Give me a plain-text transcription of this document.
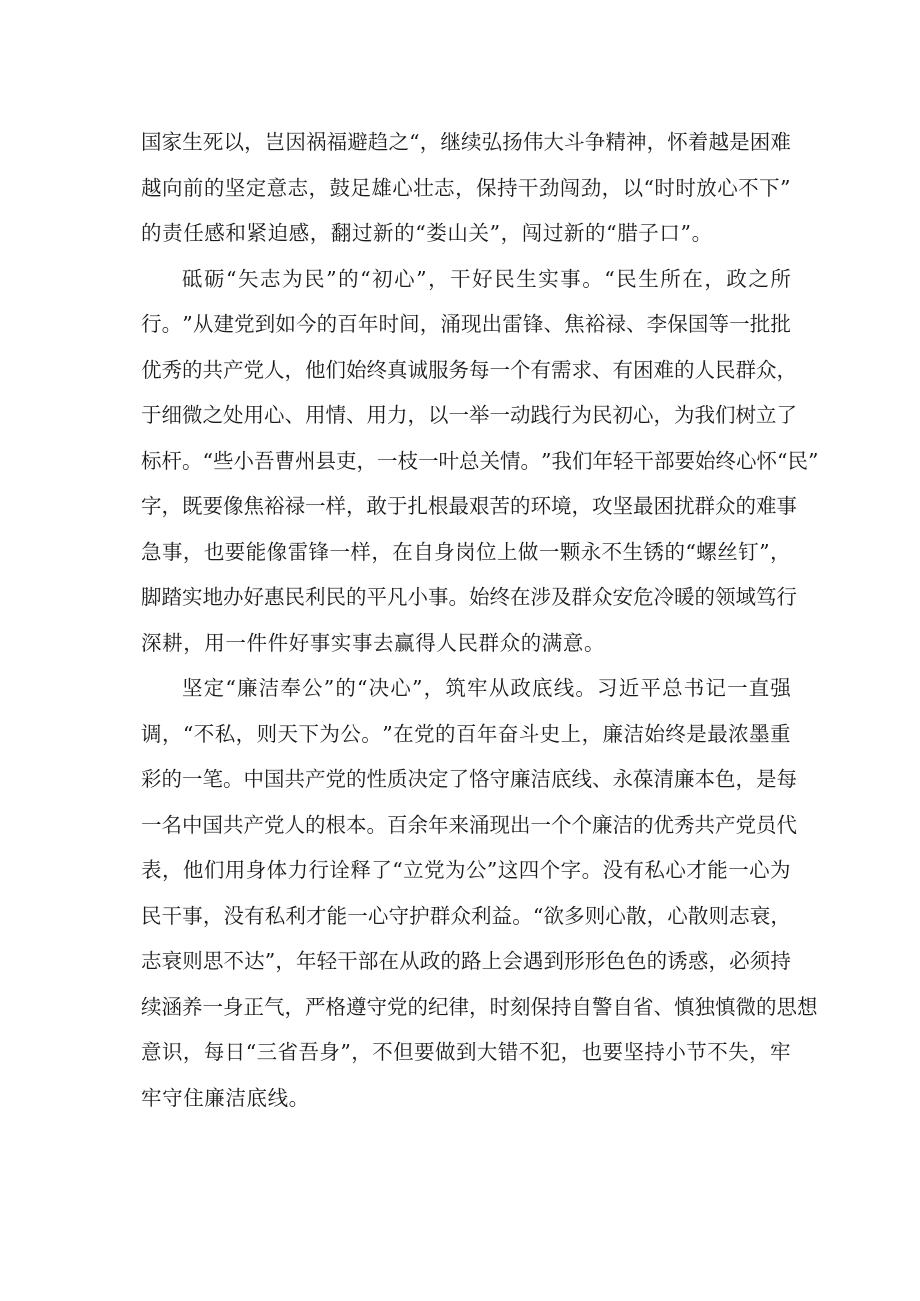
国 家 生 死 以 ， 岂 因 祸 福 避 趋 之 “ ， 继 续 弘 扬 伟 大 斗 争 精 神 ， 怀 着 越 是 困 难
越 向 前 的 坚 定 意 志 ， 鼓 足 雄 心 壮 志 ， 保 持 干 劲 闯 劲 ， 以 “ 时 时 放 心 不 下 ”
的 责 任 感 和 紧 迫 感 ， 翻 过 新 的 “ 娄 山 关 ” ， 闯 过 新 的 “ 腊 子 口 ” 。
砥 砺 “ 矢 志 为 民 ” 的 “ 初 心 ” ， 干 好 民 生 实 事 。 “ 民 生 所 在 ， 政 之 所
行 。 ” 从 建 党 到 如 今 的 百 年 时 间 ， 涌 现 出 雷 锋 、 焦 裕 禄 、 李 保 国 等 一 批 批
优 秀 的 共 产 党 人 ， 他 们 始 终 真 诚 服 务 每 一 个 有 需 求 、 有 困 难 的 人 民 群 众 ，
于 细 微 之 处 用 心 、 用 情 、 用 力 ， 以 一 举 一 动 践 行 为 民 初 心 ， 为 我 们 树 立 了
标 杆 。 “ 些 小 吾 曹 州 县 吏 ， 一 枝 一 叶 总 关 情 。 ” 我 们 年 轻 干 部 要 始 终 心 怀 “ 民 ”
字 ， 既 要 像 焦 裕 禄 一 样 ， 敢 于 扎 根 最 艰 苦 的 环 境 ， 攻 坚 最 困 扰 群 众 的 难 事
急 事 ， 也 要 能 像 雷 锋 一 样 ， 在 自 身 岗 位 上 做 一 颗 永 不 生 锈 的 “ 螺 丝 钉 ” ，
脚 踏 实 地 办 好 惠 民 利 民 的 平 凡 小 事 。 始 终 在 涉 及 群 众 安 危 冷 暖 的 领 域 笃 行
深 耕 ， 用 一 件 件 好 事 实 事 去 赢 得 人 民 群 众 的 满 意 。
坚 定 “ 廉 洁 奉 公 ” 的 “ 决 心 ” ， 筑 牢 从 政 底 线 。 习 近 平 总 书 记 一 直 强
调 ， “ 不 私 ， 则 天 下 为 公 。 ” 在 党 的 百 年 奋 斗 史 上 ， 廉 洁 始 终 是 最 浓 墨 重
彩 的 一 笔 。 中 国 共 产 党 的 性 质 决 定 了 恪 守 廉 洁 底 线 、 永 葆 清 廉 本 色 ， 是 每
一 名 中 国 共 产 党 人 的 根 本 。 百 余 年 来 涌 现 出 一 个 个 廉 洁 的 优 秀 共 产 党 员 代
表 ， 他 们 用 身 体 力 行 诠 释 了 “ 立 党 为 公 ” 这 四 个 字 。 没 有 私 心 才 能 一 心 为
民 干 事 ， 没 有 私 利 才 能 一 心 守 护 群 众 利 益 。 “ 欲 多 则 心 散 ， 心 散 则 志 衰 ，
志 衰 则 思 不 达 ” ， 年 轻 干 部 在 从 政 的 路 上 会 遇 到 形 形 色 色 的 诱 惑 ， 必 须 持
续 涵 养 一 身 正 气 ， 严 格 遵 守 党 的 纪 律 ， 时 刻 保 持 自 警 自 省 、 慎 独 慎 微 的 思 想
意 识 ， 每 日 “ 三 省 吾 身 ” ， 不 但 要 做 到 大 错 不 犯 ， 也 要 坚 持 小 节 不 失 ， 牢
牢 守 住 廉 洁 底 线 。
